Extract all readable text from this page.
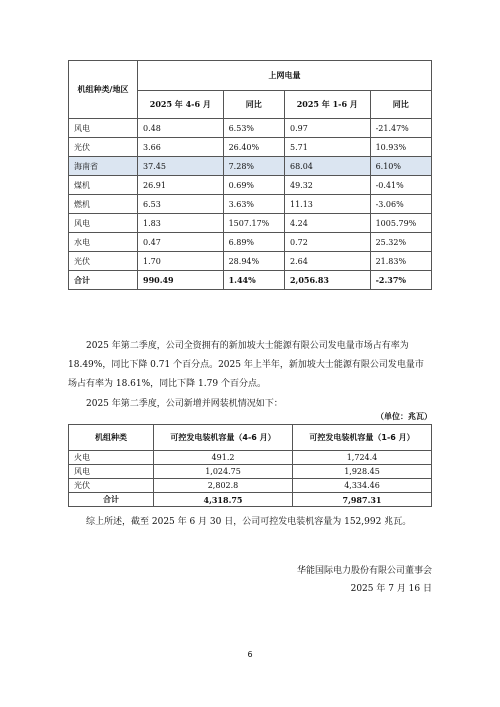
机组种类/地区	上网电量			
	2025 年 4-6 月	同比	2025 年 1-6 月	同比
风电	0.48	6.53%	0.97	-21.47%
光伏	3.66	26.40%	5.71	10.93%
海南省	37.45	7.28%	68.04	6.10%
煤机	26.91	0.69%	49.32	-0.41%
燃机	6.53	3.63%	11.13	-3.06%
风电	1.83	1507.17%	4.24	1005.79%
水电	0.47	6.89%	0.72	25.32%
光伏	1.70	28.94%	2.64	21.83%
合计	990.49	1.44%	2,056.83	-2.37%

2025 年第二季度，公司全资拥有的新加坡大士能源有限公司发电量市场占有率为 18.49%，同比下降 0.71 个百分点。2025 年上半年，新加坡大士能源有限公司发电量市场占有率为 18.61%，同比下降 1.79 个百分点。

2025 年第二季度，公司新增并网装机情况如下：

（单位：兆瓦）
机组种类	可控发电装机容量（4-6 月）	可控发电装机容量（1-6 月）
火电	491.2	1,724.4
风电	1,024.75	1,928.45
光伏	2,802.8	4,334.46
合计	4,318.75	7,987.31

综上所述，截至 2025 年 6 月 30 日，公司可控发电装机容量为 152,992 兆瓦。

华能国际电力股份有限公司董事会
2025 年 7 月 16 日
6
